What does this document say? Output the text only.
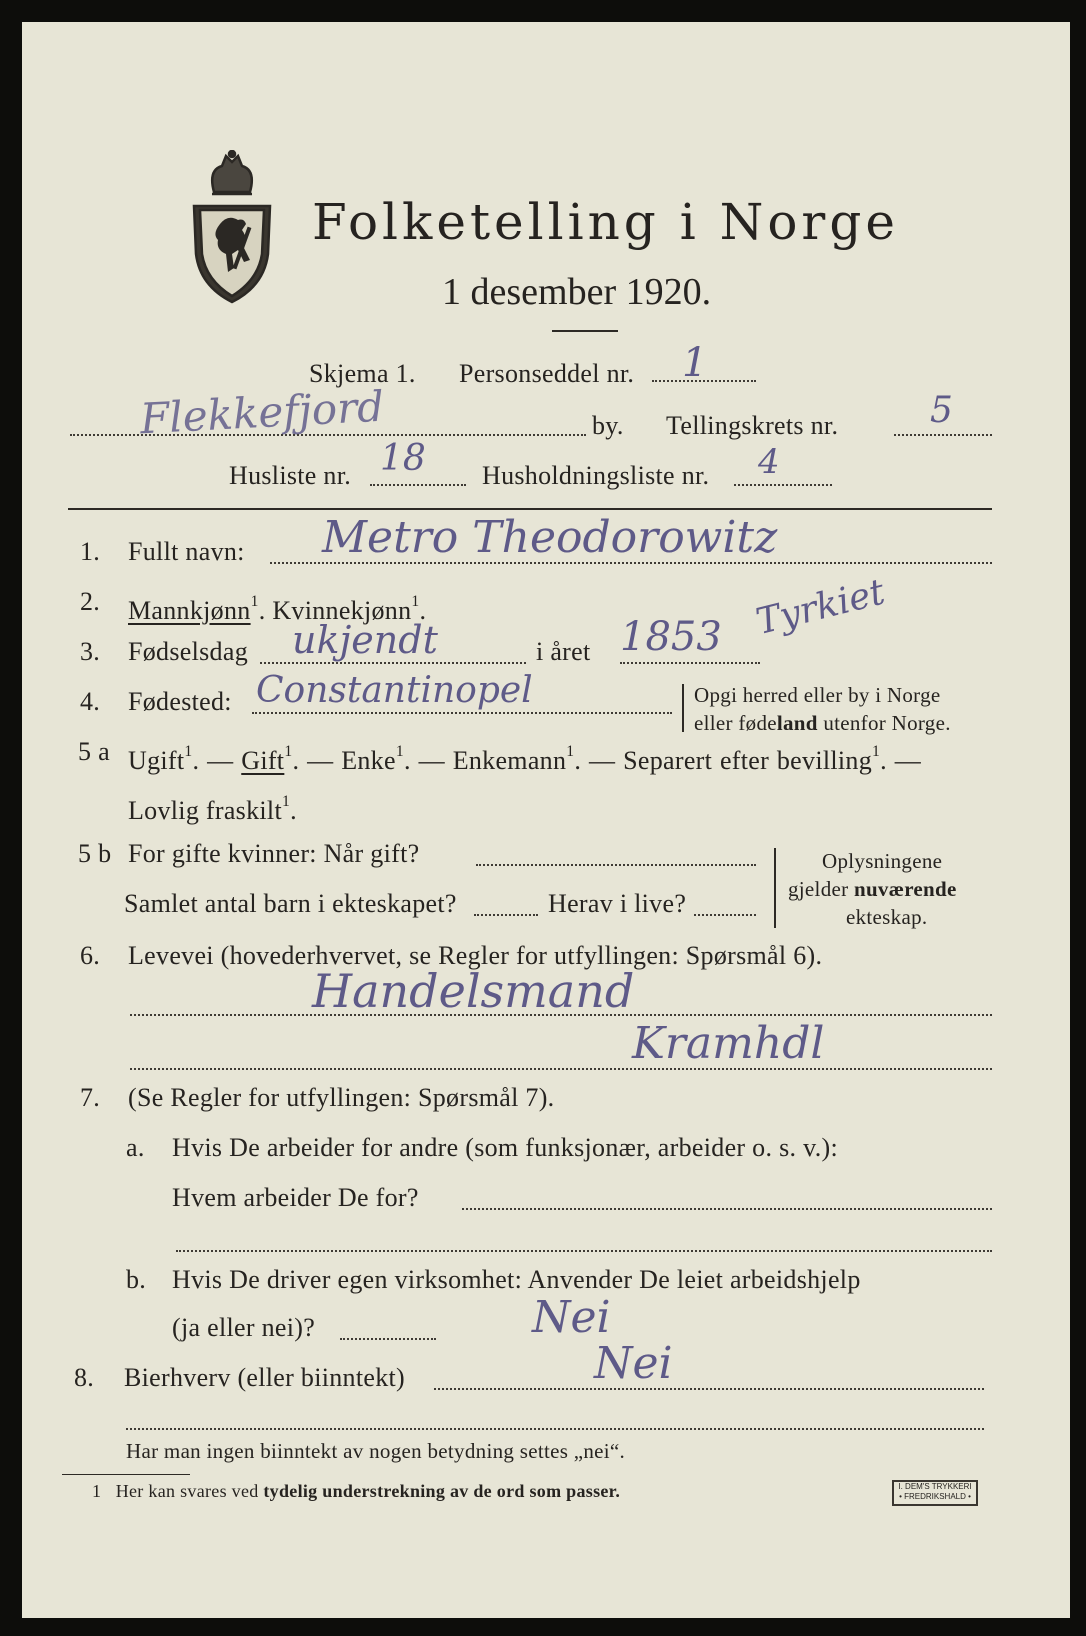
Folketelling i Norge
1 desember 1920.
Skjema 1. Personseddel nr. 1
Flekkefjord	by. Tellingskrets nr.	5
Husliste nr. 18 Husholdningsliste nr. 4
1. Fullt navn: Metro Theodorowitz
2. Mannkjønn$^1$. Kvinnekjønn$^1$.
3. Fødselsdag ukjendt	i året 1853 Tyrkiet
4. Fødested: Constantinopel	Opgi herred eller by i Norge
eller fødeland utenfor Norge.
5 a Ugift$^1$. — Gift$^1$. — Enke$^1$. — Enkemann$^1$. — Separert efter bevilling$^1$. —
Lovlig fraskilt$^1$.
5 b For gifte kvinner: Når gift?
Samlet antal barn i ekteskapet?	Herav i live?
Oplysningene
gjelder nuværende
ekteskap.
6. Levevei (hovederhvervet, se Regler for utfyllingen: Spørsmål 6).
Handelsmand
Kramhdl
7. (Se Regler for utfyllingen: Spørsmål 7).
a. Hvis De arbeider for andre (som funksjonær, arbeider o. s. v.):
Hvem arbeider De for?
b. Hvis De driver egen virksomhet: Anvender De leiet arbeidshjelp
(ja eller nei)?	Nei
8. Bierhverv (eller biinntekt)	Nei
Har man ingen biinntekt av nogen betydning settes „nei“.
1 Her kan svares ved tydelig understrekning av de ord som passer.	I. DEM'S TRYKKERI
• FREDRIKSHALD •
